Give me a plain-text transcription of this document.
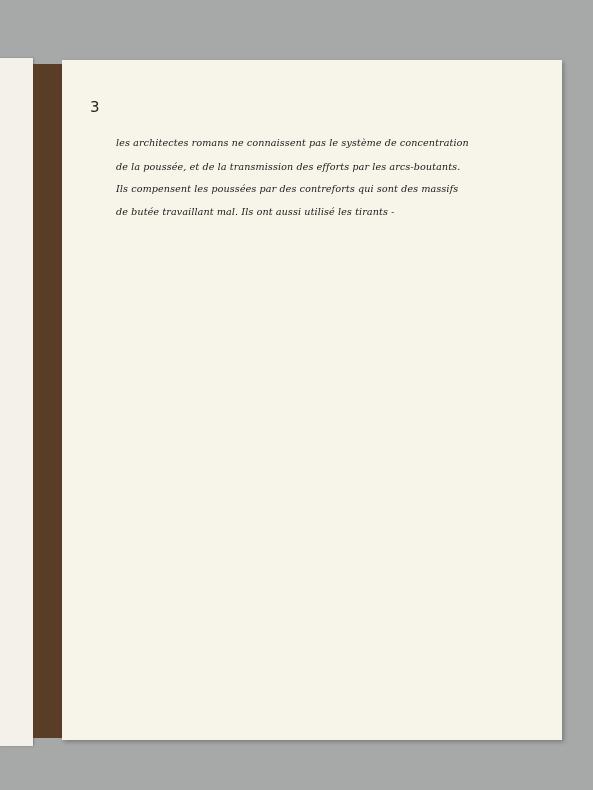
3
les architectes romans ne connaissent pas le système de concentration
de la poussée, et de la transmission des efforts par les arcs-boutants.
Ils compensent les poussées par des contreforts qui sont des massifs
de butée travaillant mal. Ils ont aussi utilisé les tirants -
